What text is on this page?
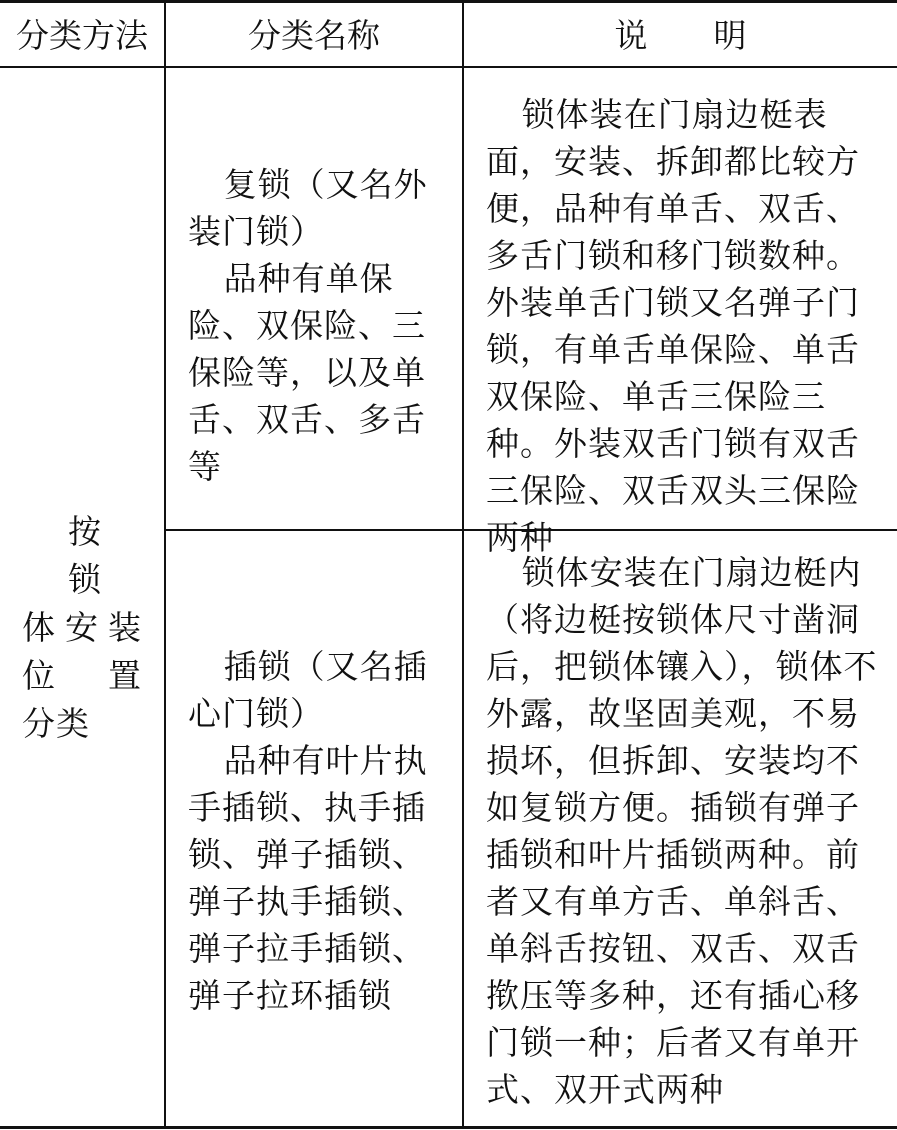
分类方法	分类名称	说　　明
按锁
体安装
位　置
分类

复锁（又名外装门锁）

品种有单保险、双保险、三保险等，以及单舌、双舌、多舌等

锁体装在门扇边梃表面，安装、拆卸都比较方便，品种有单舌、双舌、多舌门锁和移门锁数种。外装单舌门锁又名弹子门锁，有单舌单保险、单舌双保险、单舌三保险三种。外装双舌门锁有双舌三保险、双舌双头三保险两种

插锁（又名插心门锁）

品种有叶片执手插锁、执手插锁、弹子插锁、弹子执手插锁、弹子拉手插锁、弹子拉环插锁

锁体安装在门扇边梃内（将边梃按锁体尺寸凿洞后，把锁体镶入），锁体不外露，故坚固美观，不易损坏，但拆卸、安装均不如复锁方便。插锁有弹子插锁和叶片插锁两种。前者又有单方舌、单斜舌、单斜舌按钮、双舌、双舌揿压等多种，还有插心移门锁一种；后者又有单开式、双开式两种
